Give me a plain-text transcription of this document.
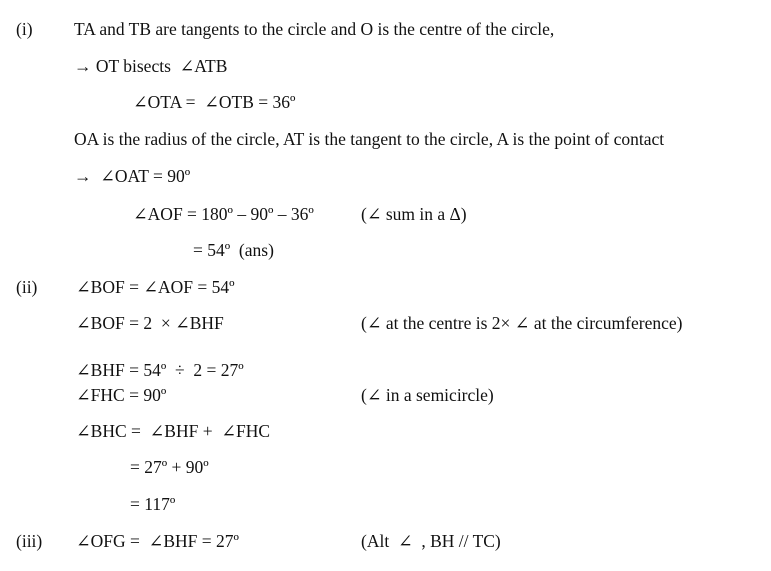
(i) TA and TB are tangents to the circle and O is the centre of the circle,
→ OT bisects  ∠ATB
∠OTA =  ∠OTB = 36º
OA is the radius of the circle, AT is the tangent to the circle, A is the point of contact
→  ∠OAT = 90º
∠AOF = 180º – 90º – 36º	(∠ sum in a Δ)
= 54º  (ans)
(ii) ∠BOF = ∠AOF = 54º
∠BOF = 2  × ∠BHF	(∠ at the centre is 2× ∠ at the circumference)
∠BHF = 54º  ÷  2 = 27º
∠FHC = 90º	(∠ in a semicircle)
∠BHC =  ∠BHF +  ∠FHC
= 27º + 90º
= 117º
(iii) ∠OFG =  ∠BHF = 27º	(Alt  ∠  , BH // TC)
